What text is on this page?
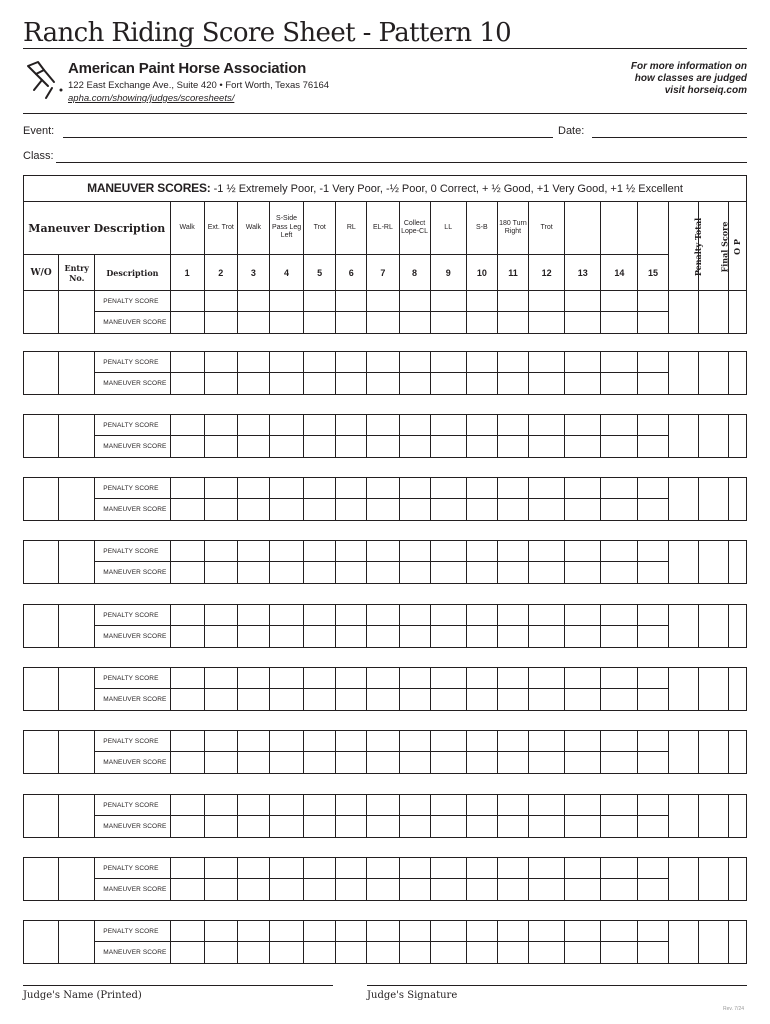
Ranch Riding Score Sheet - Pattern 10
American Paint Horse Association
122 East Exchange Ave., Suite 420 • Fort Worth, Texas 76164
apha.com/showing/judges/scoresheets/
For more information on
how classes are judged
visit horseiq.com
Event:	Date:
Class:
MANEUVER SCORES: -1 ½ Extremely Poor, -1 Very Poor, -½ Poor, 0 Correct, + ½ Good, +1 Very Good, +1 ½ Excellent
Maneuver Description			Walk	Ext. Trot	Walk	S-Side Pass Leg Left	Trot	RL	EL-RL	Collect Lope-CL	LL	S-B	180 Turn Right	Trot				Penalty Total	Final Score	O P
W/O	Entry No.	Description	1	2	3	4	5	6	7	8	9	10	11	12	13	14	15			
		PENALTY SCORE																		
		MANEUVER SCORE																		
		PENALTY SCORE																		
		MANEUVER SCORE																		
		PENALTY SCORE																		
		MANEUVER SCORE																		
		PENALTY SCORE																		
		MANEUVER SCORE																		
		PENALTY SCORE																		
		MANEUVER SCORE																		
		PENALTY SCORE																		
		MANEUVER SCORE																		
		PENALTY SCORE																		
		MANEUVER SCORE																		
		PENALTY SCORE																		
		MANEUVER SCORE																		
		PENALTY SCORE																		
		MANEUVER SCORE																		
		PENALTY SCORE																		
		MANEUVER SCORE																		
		PENALTY SCORE																		
		MANEUVER SCORE																		
Judge's Name (Printed)	Judge's Signature
Rev. 7/24
